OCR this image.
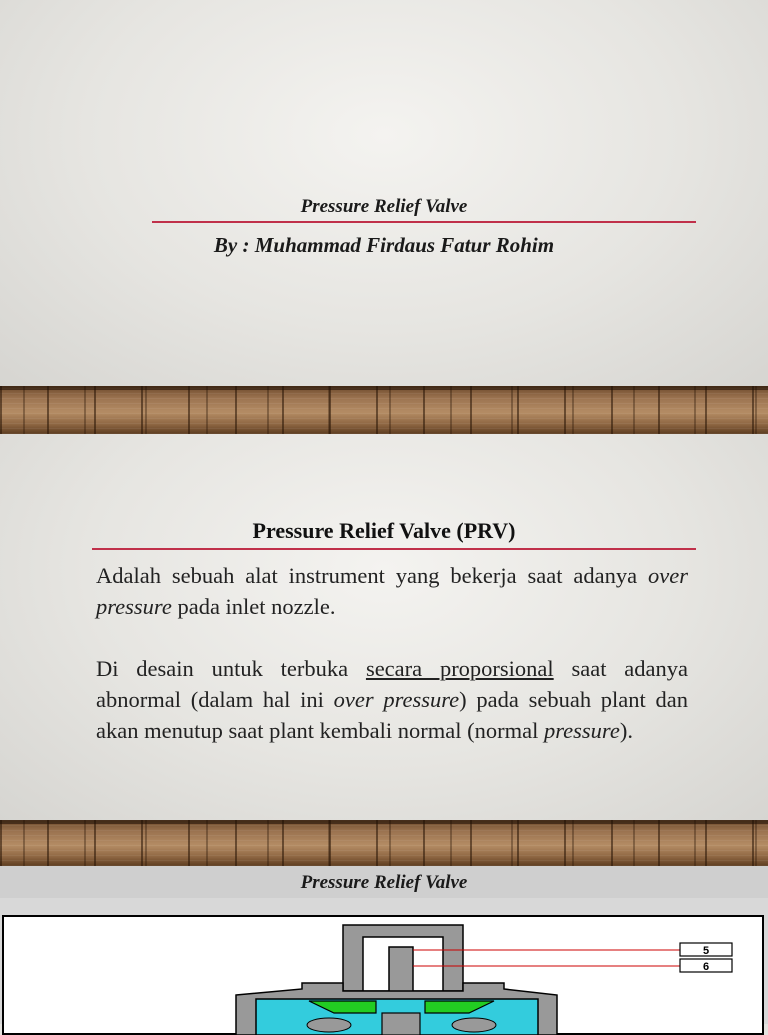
Pressure Relief Valve
By : Muhammad Firdaus Fatur Rohim
Pressure Relief Valve (PRV)
Adalah sebuah alat instrument yang bekerja saat adanya over pressure pada inlet nozzle.
Di desain untuk terbuka secara proporsional saat adanya abnormal (dalam hal ini over pressure) pada sebuah plant dan akan menutup saat plant kembali normal (normal pressure).
Pressure Relief Valve
5
6
